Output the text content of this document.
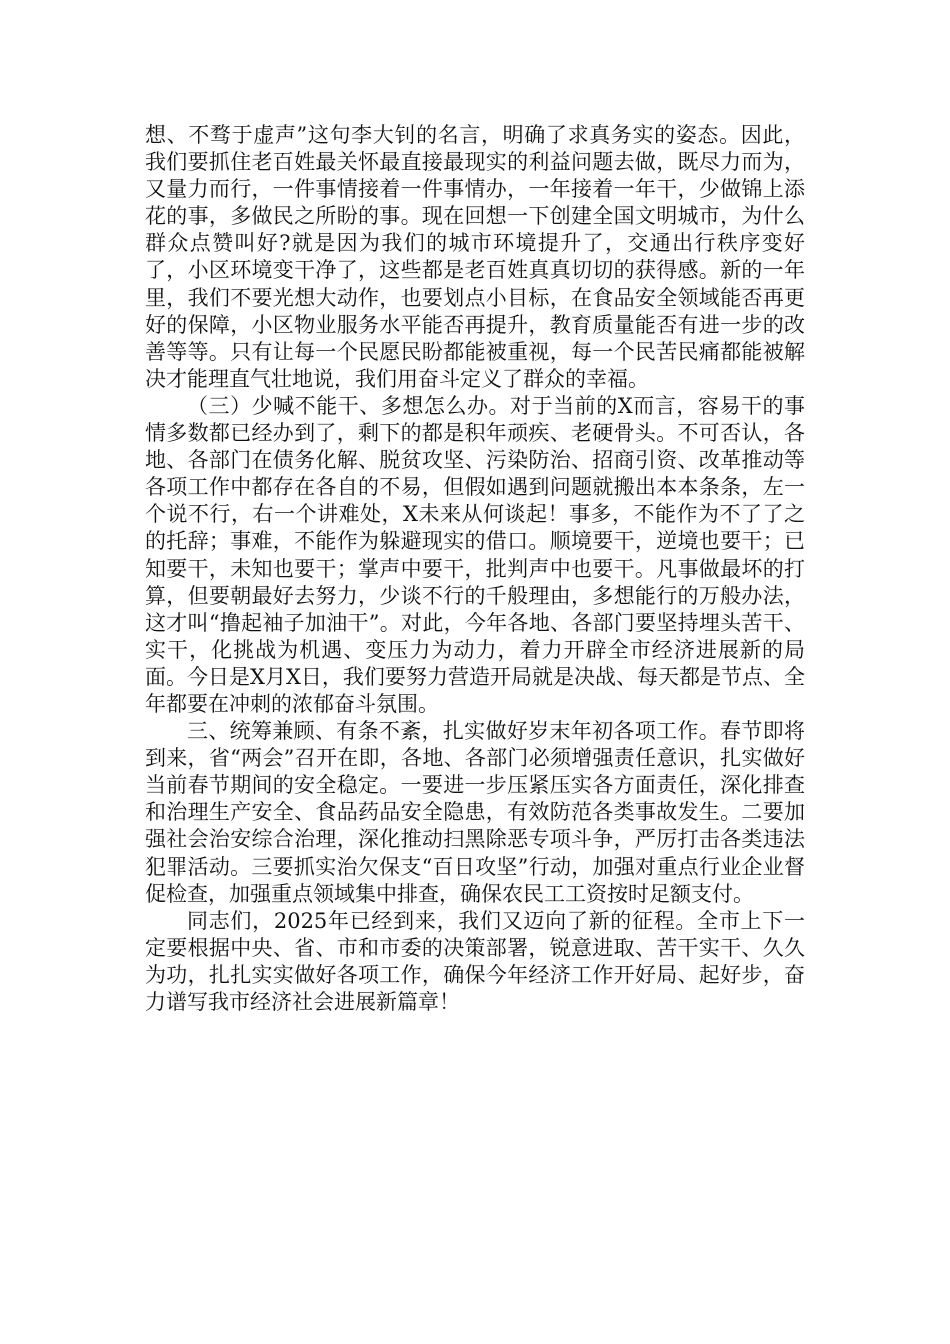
想、不骛于虚声”这句李大钊的名言，明确了求真务实的姿态。因此，我们要抓住老百姓最关怀最直接最现实的利益问题去做，既尽力而为，又量力而行，一件事情接着一件事情办，一年接着一年干，少做锦上添花的事，多做民之所盼的事。现在回想一下创建全国文明城市，为什么群众点赞叫好?就是因为我们的城市环境提升了，交通出行秩序变好了，小区环境变干净了，这些都是老百姓真真切切的获得感。新的一年里，我们不要光想大动作，也要划点小目标，在食品安全领域能否再更好的保障，小区物业服务水平能否再提升，教育质量能否有进一步的改善等等。只有让每一个民愿民盼都能被重视，每一个民苦民痛都能被解决才能理直气壮地说，我们用奋斗定义了群众的幸福。

（三）少喊不能干、多想怎么办。对于当前的X而言，容易干的事情多数都已经办到了，剩下的都是积年顽疾、老硬骨头。不可否认，各地、各部门在债务化解、脱贫攻坚、污染防治、招商引资、改革推动等各项工作中都存在各自的不易，但假如遇到问题就搬出本本条条，左一个说不行，右一个讲难处，X未来从何谈起！事多，不能作为不了了之的托辞；事难，不能作为躲避现实的借口。顺境要干，逆境也要干；已知要干，未知也要干；掌声中要干，批判声中也要干。凡事做最坏的打算，但要朝最好去努力，少谈不行的千般理由，多想能行的万般办法，这才叫“撸起袖子加油干”。对此，今年各地、各部门要坚持埋头苦干、实干，化挑战为机遇、变压力为动力，着力开辟全市经济进展新的局面。今日是X月X日，我们要努力营造开局就是决战、每天都是节点、全年都要在冲刺的浓郁奋斗氛围。

三、统筹兼顾、有条不紊，扎实做好岁末年初各项工作。春节即将到来，省“两会”召开在即，各地、各部门必须增强责任意识，扎实做好当前春节期间的安全稳定。一要进一步压紧压实各方面责任，深化排查和治理生产安全、食品药品安全隐患，有效防范各类事故发生。二要加强社会治安综合治理，深化推动扫黑除恶专项斗争，严厉打击各类违法犯罪活动。三要抓实治欠保支“百日攻坚”行动，加强对重点行业企业督促检查，加强重点领域集中排查，确保农民工工资按时足额支付。

同志们，2025年已经到来，我们又迈向了新的征程。全市上下一定要根据中央、省、市和市委的决策部署，锐意进取、苦干实干、久久为功，扎扎实实做好各项工作，确保今年经济工作开好局、起好步，奋力谱写我市经济社会进展新篇章！
